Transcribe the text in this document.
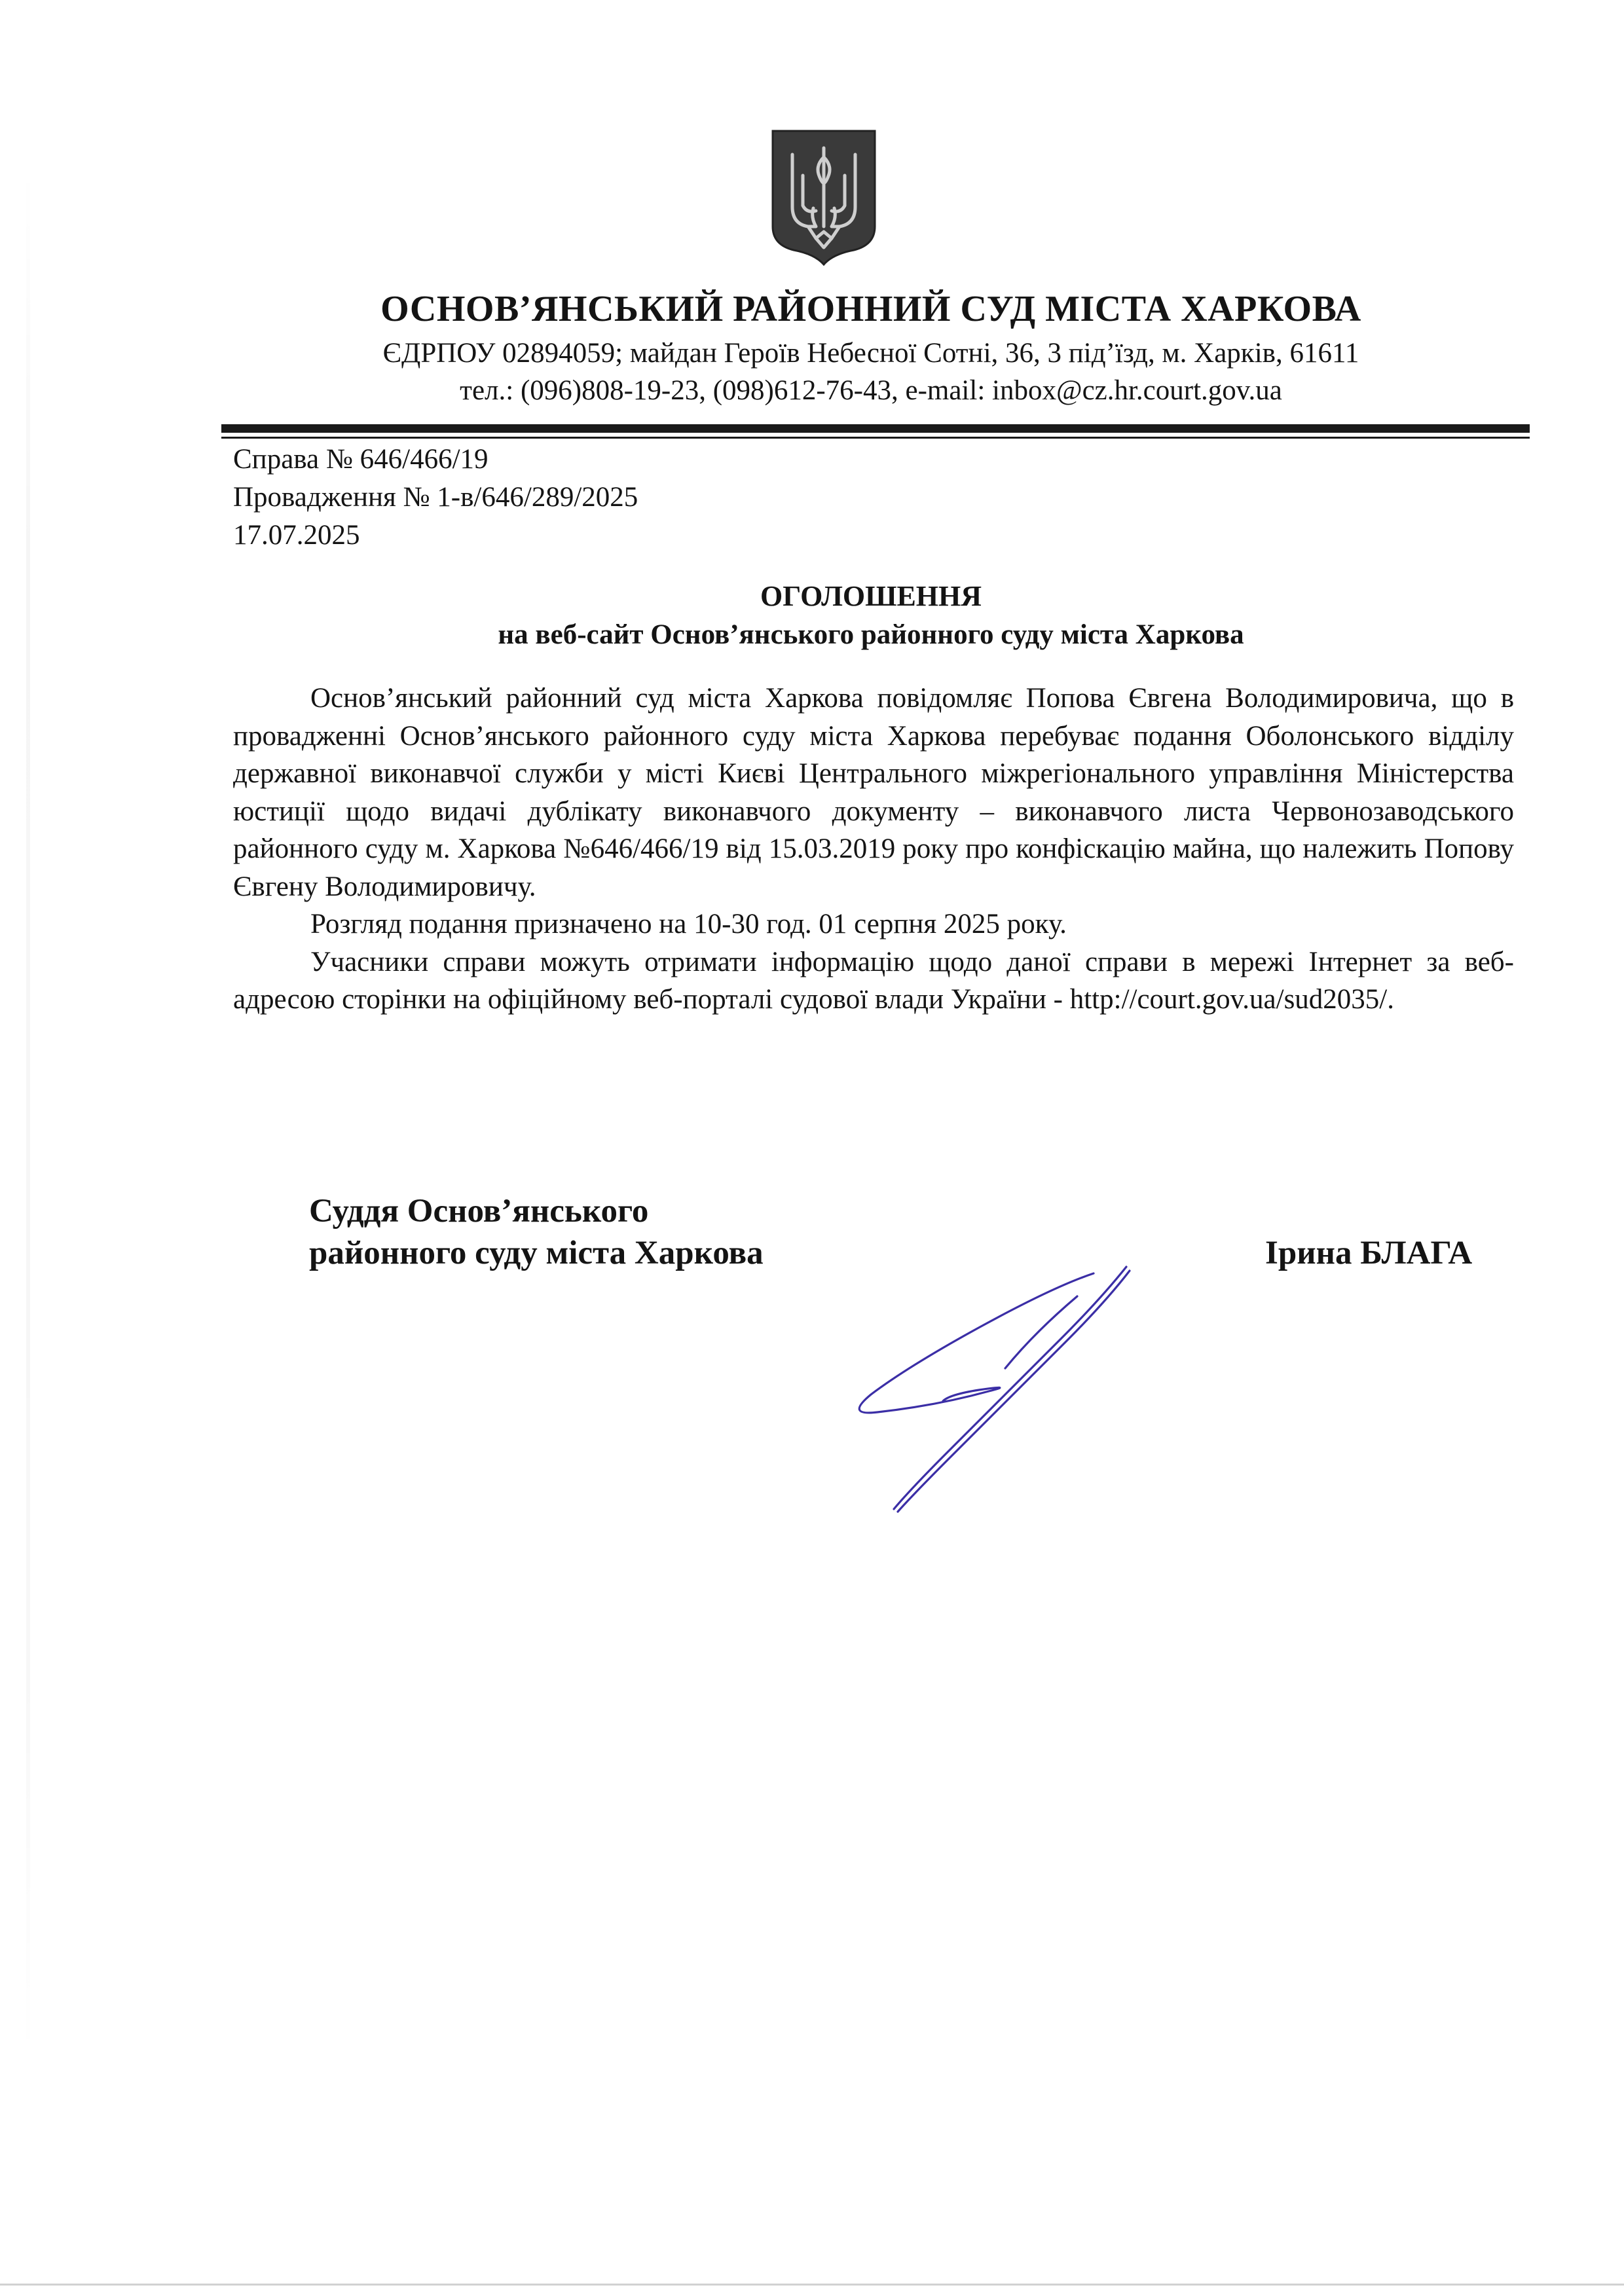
ОСНОВ’ЯНСЬКИЙ РАЙОННИЙ СУД МІСТА ХАРКОВА
ЄДРПОУ 02894059; майдан Героїв Небесної Сотні, 36, 3 під’їзд, м. Харків, 61611
тел.: (096)808-19-23, (098)612-76-43, e-mail: inbox@cz.hr.court.gov.ua
Справа № 646/466/19
Провадження № 1-в/646/289/2025
17.07.2025
ОГОЛОШЕННЯ
на веб-сайт Основ’янського районного суду міста Харкова

Основ’янський районний суд міста Харкова повідомляє Попова Євгена Володимировича, що в провадженні Основ’янського районного суду міста Харкова перебуває подання Оболонського відділу державної виконавчої служби у місті Києві Центрального міжрегіонального управління Міністерства юстиції щодо видачі дублікату виконавчого документу – виконавчого листа Червонозаводського районного суду м. Харкова №646/466/19 від 15.03.2019 року про конфіскацію майна, що належить Попову Євгену Володимировичу.

Розгляд подання призначено на 10-30 год. 01 серпня 2025 року.

Учасники справи можуть отримати інформацію щодо даної справи в мережі Інтернет за веб-адресою сторінки на офіційному веб-порталі судової влади України - http://court.gov.ua/sud2035/.

Суддя Основ’янського
районного суду міста Харкова	Ірина БЛАГА
